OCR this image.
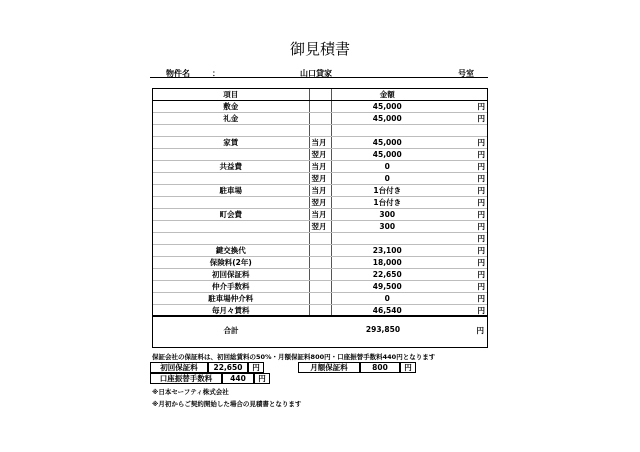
御見積書
物件名	：	山口貸家	号室
項目		金額	
敷金		45,000	円
礼金		45,000	円

家賃	当月	45,000	円
	翌月	45,000	円
共益費	当月	0	円
	翌月	0	円
駐車場	当月	1台付き	円
	翌月	1台付き	円
町会費	当月	300	円
	翌月	300	円
			円
鍵交換代		23,100	円
保険料(2年)		18,000	円
初回保証料		22,650	円
仲介手数料		49,500	円
駐車場仲介料		0	円
毎月々賃料		46,540	円
合計	293,850	円
保証会社の保証料は、初回総賃料の50%・月額保証料800円・口座振替手数料440円となります
初回保証料	22,650	円	月額保証料	800	円
口座振替手数料	440	円
※日本セーフティ株式会社
※月初からご契約開始した場合の見積書となります
